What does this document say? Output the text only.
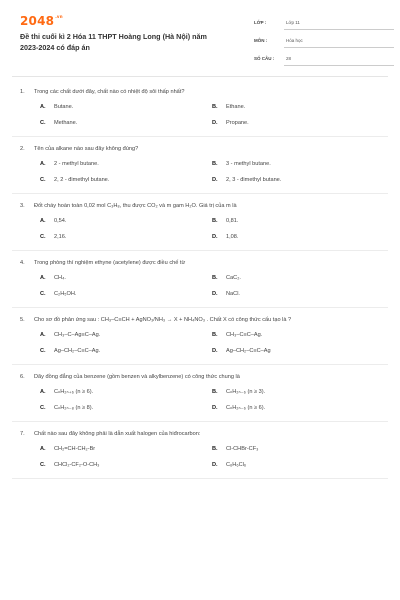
$2048^{.vn}$
Đề thi cuối kì 2 Hóa 11 THPT Hoàng Long (Hà Nội) năm
2023-2024 có đáp án
LỚP :	Lớp 11
MÔN :	Hóa học
SỐ CÂU :	28
1. Trong các chất dưới đây, chất nào có nhiệt độ sôi thấp nhất?
A. Butane.	B. Ethane.
C. Methane.	D. Propane.
2. Tên của alkane nào sau đây không đúng?
A. 2 - methyl butane.	B. 3 - methyl butane.
C. 2, 2 - đimethyl butane.	D. 2, 3 - đimethyl butane.
3. Đốt cháy hoàn toàn 0,02 mol C₃H₈, thu được CO₂ và m gam H₂O. Giá trị của m là
A. 0,54.	B. 0,81.
C. 2,16.	D. 1,08.
4. Trong phòng thí nghiệm ethyne (acetylene) được điều chế từ
A. CH₄.	B. CaC₂.
C. C₂H₅OH.	D. NaCl.
5. Cho sơ đồ phản ứng sau : CH₃–C≡CH + AgNO₃/NH₃ → X + NH₄NO₃ . Chất X có công thức cấu tạo là ?
A. CH₃–C–Ag≡C–Ag.	B. CH₃–C≡C–Ag.
C. Ag–CH₂–C≡C–Ag.	D. Ag–CH₂–C≡C–Ag
6. Dãy đồng đẳng của benzene (gồm benzen và alkylbenzene) có công thức chung là
A. CₙH₂ₙ₊₆ (n ≥ 6).	B. CₙH₂ₙ₋₆ (n ≥ 3).
C. CₙH₂ₙ₋₈ (n ≥ 8).	D. CₙH₂ₙ₋₆ (n ≥ 6).
7. Chất nào sau đây không phải là dẫn xuất halogen của hiđrocarbon:
A. CH₂=CH-CH₂-Br	B. Cl-CHBr-CF₃
C. CHCl₂-CF₂-O-CH₃	D. C₆H₆Cl₆
